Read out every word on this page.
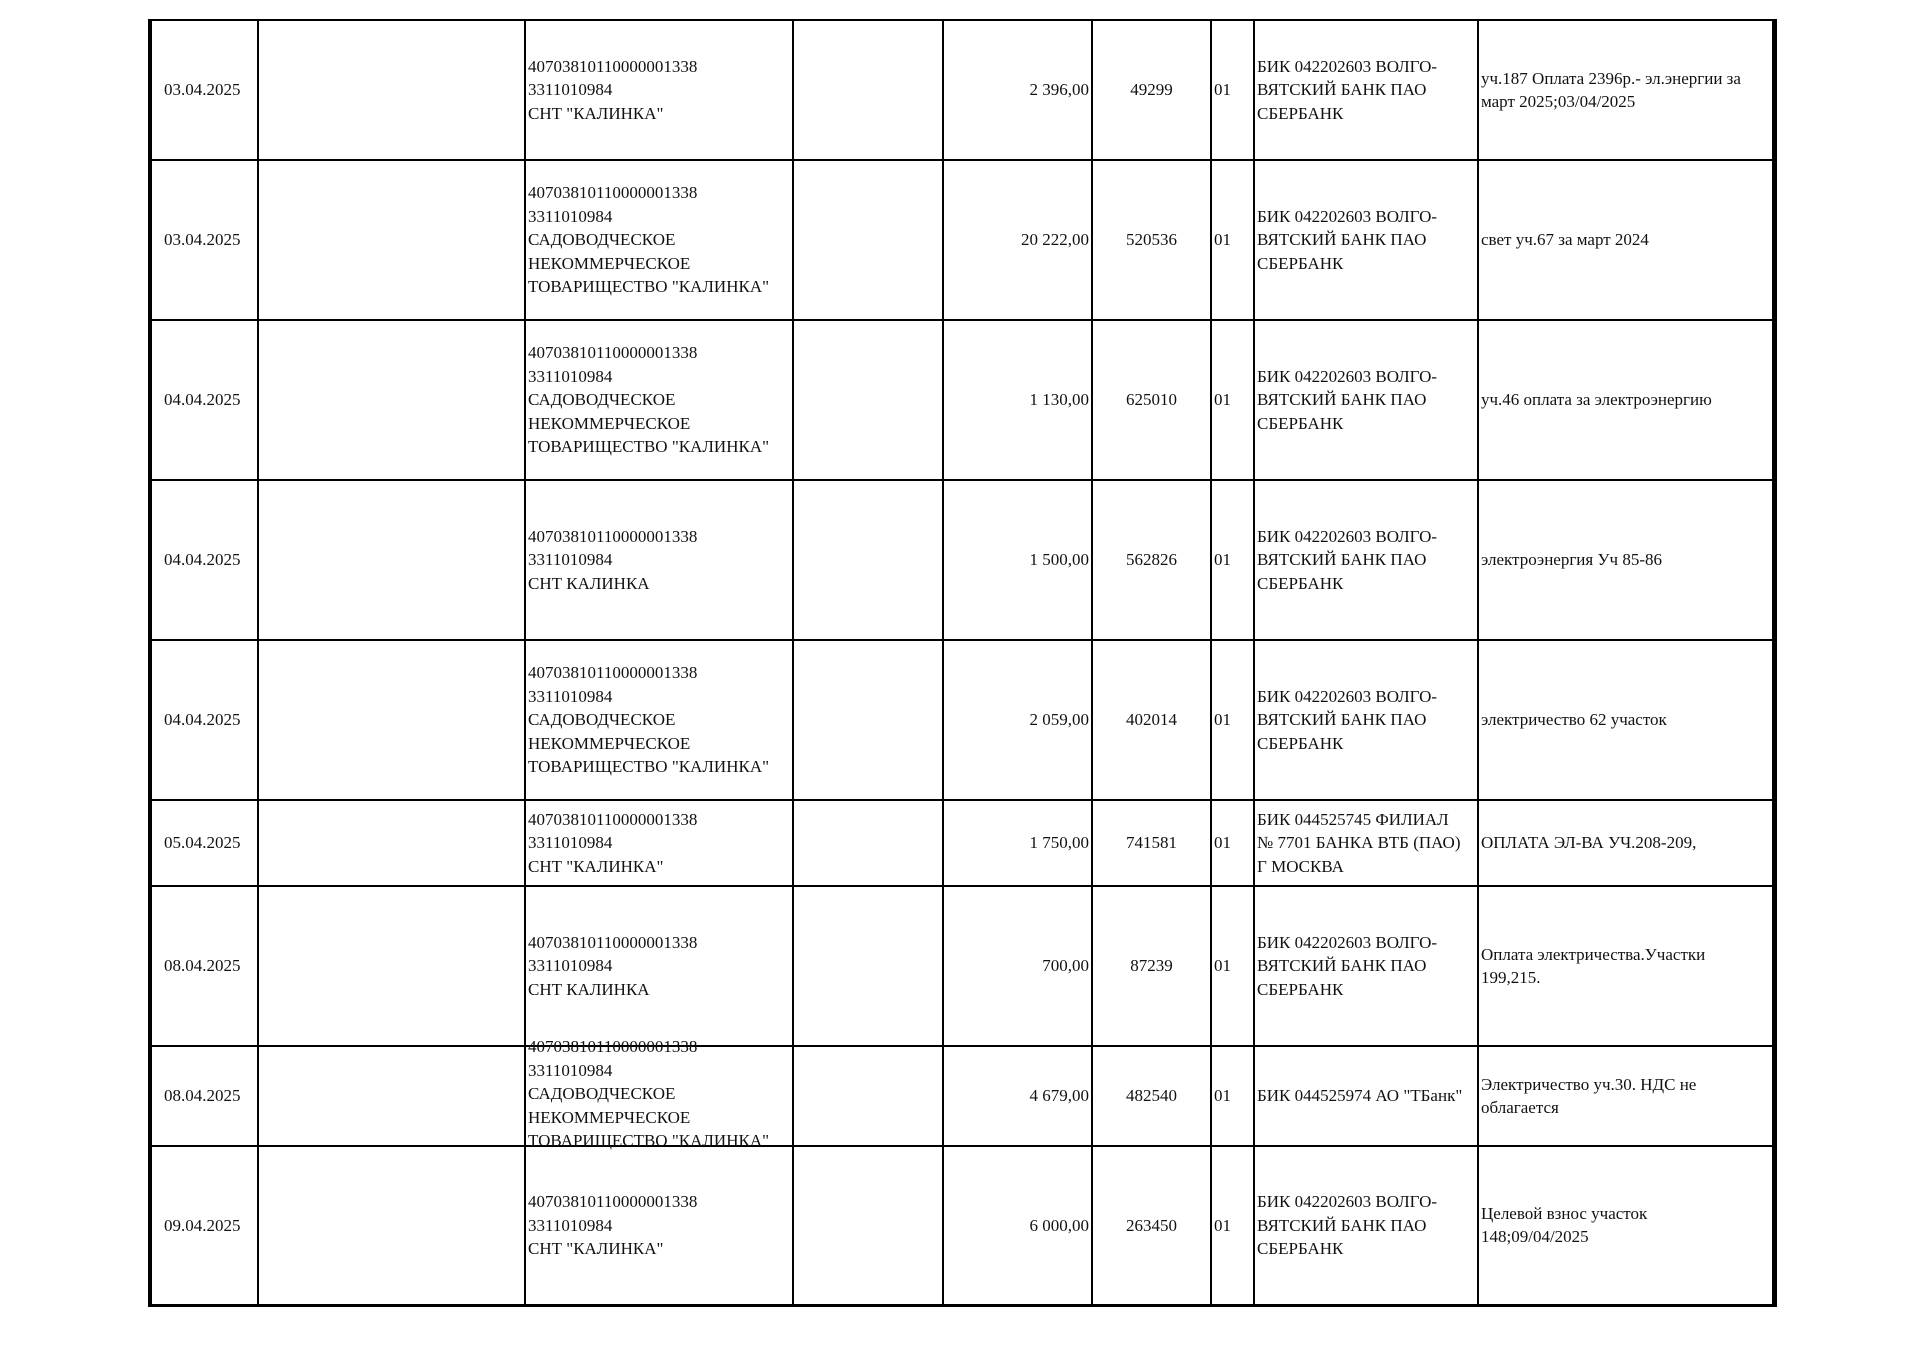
03.04.2025		40703810110000001338
3311010984
СНТ "КАЛИНКА"		2 396,00	49299	01	БИК 042202603 ВОЛГО-
ВЯТСКИЙ БАНК ПАО
СБЕРБАНК	уч.187 Оплата 2396р.- эл.энергии за
март 2025;03/04/2025

03.04.2025		40703810110000001338
3311010984
САДОВОДЧЕСКОЕ
НЕКОММЕРЧЕСКОЕ
ТОВАРИЩЕСТВО "КАЛИНКА"		20 222,00	520536	01	БИК 042202603 ВОЛГО-
ВЯТСКИЙ БАНК ПАО
СБЕРБАНК	свет уч.67 за март 2024

04.04.2025		40703810110000001338
3311010984
САДОВОДЧЕСКОЕ
НЕКОММЕРЧЕСКОЕ
ТОВАРИЩЕСТВО "КАЛИНКА"		1 130,00	625010	01	БИК 042202603 ВОЛГО-
ВЯТСКИЙ БАНК ПАО
СБЕРБАНК	уч.46 оплата за электроэнергию

04.04.2025		40703810110000001338
3311010984
СНТ КАЛИНКА		1 500,00	562826	01	БИК 042202603 ВОЛГО-
ВЯТСКИЙ БАНК ПАО
СБЕРБАНК	электроэнергия Уч 85-86

04.04.2025		40703810110000001338
3311010984
САДОВОДЧЕСКОЕ
НЕКОММЕРЧЕСКОЕ
ТОВАРИЩЕСТВО "КАЛИНКА"		2 059,00	402014	01	БИК 042202603 ВОЛГО-
ВЯТСКИЙ БАНК ПАО
СБЕРБАНК	электричество 62 участок

05.04.2025		40703810110000001338
3311010984
СНТ "КАЛИНКА"		1 750,00	741581	01	БИК 044525745 ФИЛИАЛ
№ 7701 БАНКА ВТБ (ПАО)
Г МОСКВА	ОПЛАТА ЭЛ-ВА УЧ.208-209,

08.04.2025		40703810110000001338
3311010984
СНТ КАЛИНКА		700,00	87239	01	БИК 042202603 ВОЛГО-
ВЯТСКИЙ БАНК ПАО
СБЕРБАНК	Оплата электричества.Участки
199,215.

08.04.2025		40703810110000001338
3311010984
САДОВОДЧЕСКОЕ
НЕКОММЕРЧЕСКОЕ
ТОВАРИЩЕСТВО "КАЛИНКА"		4 679,00	482540	01	БИК 044525974 АО "ТБанк"	Электричество уч.30. НДС не
облагается

09.04.2025		40703810110000001338
3311010984
СНТ "КАЛИНКА"		6 000,00	263450	01	БИК 042202603 ВОЛГО-
ВЯТСКИЙ БАНК ПАО
СБЕРБАНК	Целевой взнос участок
148;09/04/2025
